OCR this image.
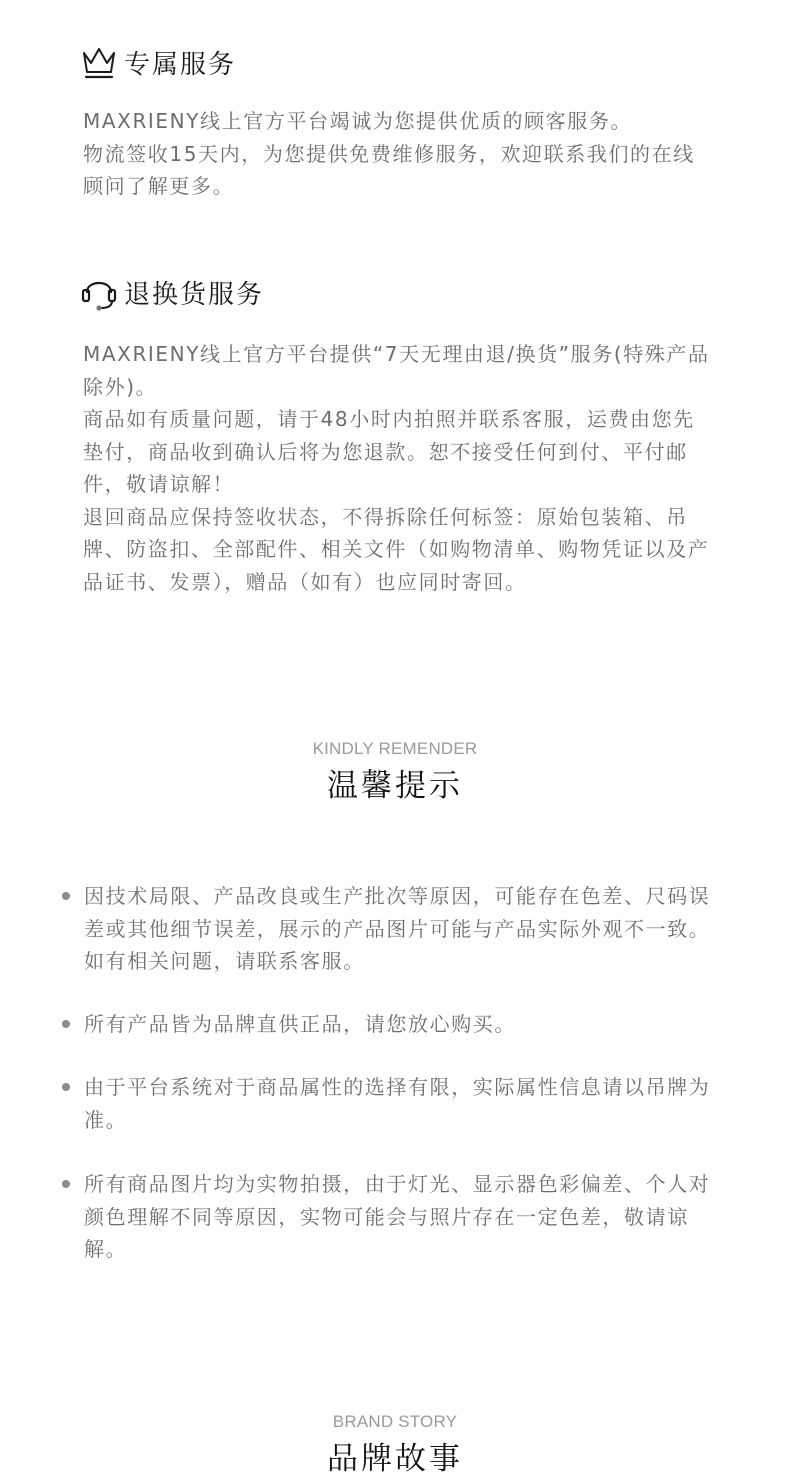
专属服务

MAXRIENY线上官方平台竭诚为您提供优质的顾客服务。

物流签收15天内，为您提供免费维修服务，欢迎联系我们的在线顾问了解更多。

退换货服务

MAXRIENY线上官方平台提供“7天无理由退/换货”服务(特殊产品除外)。

商品如有质量问题，请于48小时内拍照并联系客服，运费由您先垫付，商品收到确认后将为您退款。恕不接受任何到付、平付邮件，敬请谅解！

退回商品应保持签收状态，不得拆除任何标签：原始包装箱、吊牌、防盗扣、全部配件、相关文件（如购物清单、购物凭证以及产品证书、发票），赠品（如有）也应同时寄回。

KINDLY REMENDER
温馨提示
因技术局限、产品改良或生产批次等原因，可能存在色差、尺码误差或其他细节误差，展示的产品图片可能与产品实际外观不一致。如有相关问题，请联系客服。
所有产品皆为品牌直供正品，请您放心购买。
由于平台系统对于商品属性的选择有限，实际属性信息请以吊牌为准。
所有商品图片均为实物拍摄，由于灯光、显示器色彩偏差、个人对颜色理解不同等原因，实物可能会与照片存在一定色差，敬请谅解。
BRAND STORY
品牌故事
